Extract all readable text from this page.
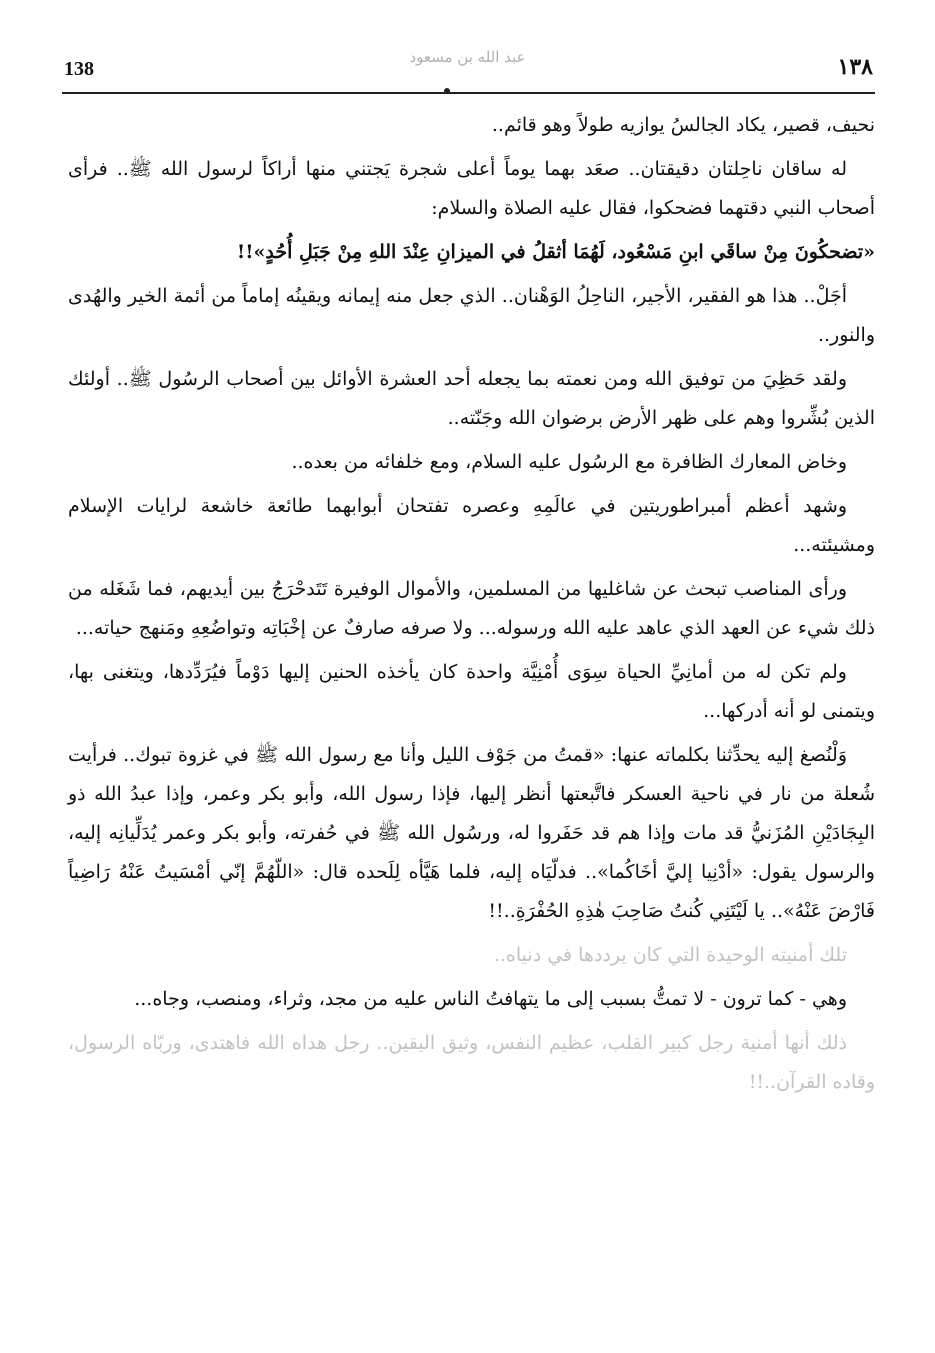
138
عبد الله بن مسعود	١٣٨

نحيف، قصير، يكاد الجالسُ يوازيه طولاً وهو قائم..

له ساقان ناحِلتان دقيقتان.. صعَد بهما يوماً أعلى شجرة يَجتني منها أراكاً لرسول الله ﷺ.. فرأى أصحاب النبي دقتهما فضحكوا، فقال عليه الصلاة والسلام:

«تضحكُونَ مِنْ ساقَي ابنِ مَسْعُود، لَهُمَا أثقلُ في الميزانِ عِنْدَ اللهِ مِنْ جَبَلِ أُحُدٍ»!!

أجَلْ.. هذا هو الفقير، الأجير، الناحِلُ الوَهْنان.. الذي جعل منه إيمانه ويقينُه إماماً من أئمة الخير والهُدى والنور..

ولقد حَظِيَ من توفيق الله ومن نعمته بما يجعله أحد العشرة الأوائل بين أصحاب الرسُول ﷺ.. أولئك الذين بُشِّروا وهم على ظهر الأرض برضوان الله وجَنّته..

وخاض المعارك الظافرة مع الرسُول عليه السلام، ومع خلفائه من بعده..

وشهد أعظم أمبراطوريتين في عالَمِهِ وعصره تفتحان أبوابهما طائعة خاشعة لرايات الإسلام ومشيئته...

ورأى المناصب تبحث عن شاغليها من المسلمين، والأموال الوفيرة تَتَدحْرَجُ بين أيديهم، فما شَغَله من ذلك شيء عن العهد الذي عاهد عليه الله ورسوله... ولا صرفه صارفٌ عن إخْبَاتِه وتواضُعِهِ ومَنهج حياته...

ولم تكن له من أمانِيِّ الحياة سِوَى أُمْنِيَّة واحدة كان يأخذه الحنين إليها دَوْماً فيُرَدِّدها، ويتغنى بها، ويتمنى لو أنه أدركها...

وَلْنُصغ إليه يحدِّثنا بكلماته عنها: «قمتُ من جَوْف الليل وأنا مع رسول الله ﷺ في غزوة تبوك.. فرأيت شُعلة من نار في ناحية العسكر فاتَّبعتها أنظر إليها، فإذا رسول الله، وأبو بكر وعمر، وإذا عبدُ الله ذو البِجَادَيْنِ المُزَنيُّ قد مات وإذا هم قد حَفَروا له، ورسُول الله ﷺ في حُفرته، وأبو بكر وعمر يُدَلِّيانِه إليه، والرسول يقول: «أدْنِيا إليَّ أخَاكُما».. فدلّيَاه إليه، فلما هَيَّأه لِلَحده قال: «اللّهُمَّ إنّي أمْسَيتُ عَنْهُ رَاضِياً فَارْضَ عَنْهُ».. يا لَيْتَنِي كُنتُ صَاحِبَ هٰذِهِ الحُفْرَةِ..!!

تلك أمنيته الوحيدة التي كان يرددها في دنياه..

وهي - كما ترون - لا تمتُّ بسبب إلى ما يتهافتُ الناس عليه من مجد، وثراء، ومنصب، وجاه...

ذلك أنها أمنية رجل كبير القلب، عظيم النفس، وثيق اليقين.. رجل هداه الله فاهتدى، وربّاه الرسول، وقاده القرآن..!!
